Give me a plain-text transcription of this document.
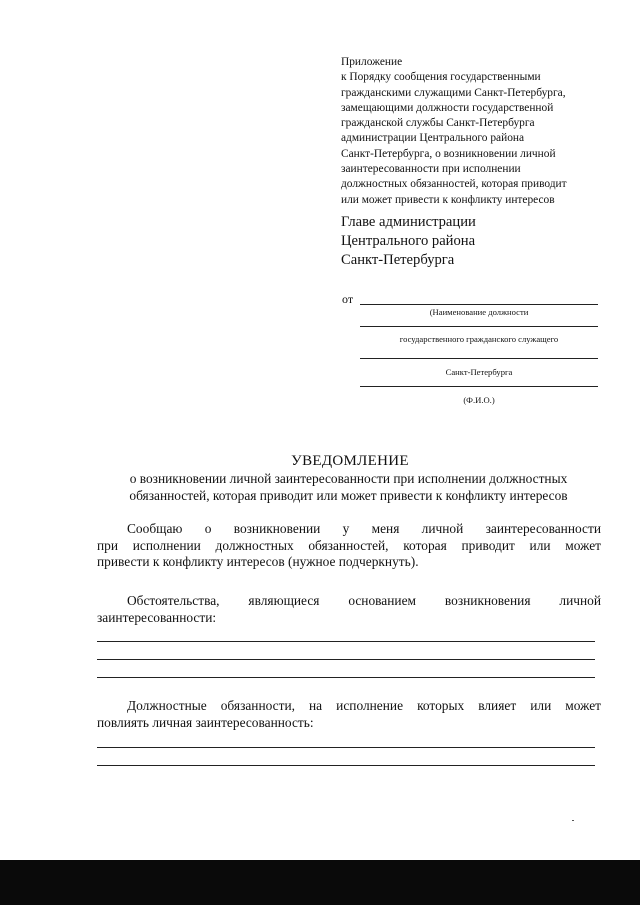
Приложение
к Порядку сообщения государственными
гражданскими служащими Санкт-Петербурга,
замещающими должности государственной
гражданской службы Санкт-Петербурга
администрации Центрального района
Санкт-Петербурга, о возникновении личной
заинтересованности при исполнении
должностных обязанностей, которая приводит
или может привести к конфликту интересов
Главе администрации
Центрального района
Санкт-Петербурга
от
(Наименование должности
государственного гражданского служащего
Санкт-Петербурга
(Ф.И.О.)
УВЕДОМЛЕНИЕ
о возникновении личной заинтересованности при исполнении должностных
обязанностей, которая приводит или может привести к конфликту интересов
Сообщаю о возникновении у меня личной заинтересованности
при исполнении должностных обязанностей, которая приводит или может
привести к конфликту интересов (нужное подчеркнуть).
Обстоятельства, являющиеся основанием возникновения личной
заинтересованности:
Должностные обязанности, на исполнение которых влияет или может
повлиять личная заинтересованность:
